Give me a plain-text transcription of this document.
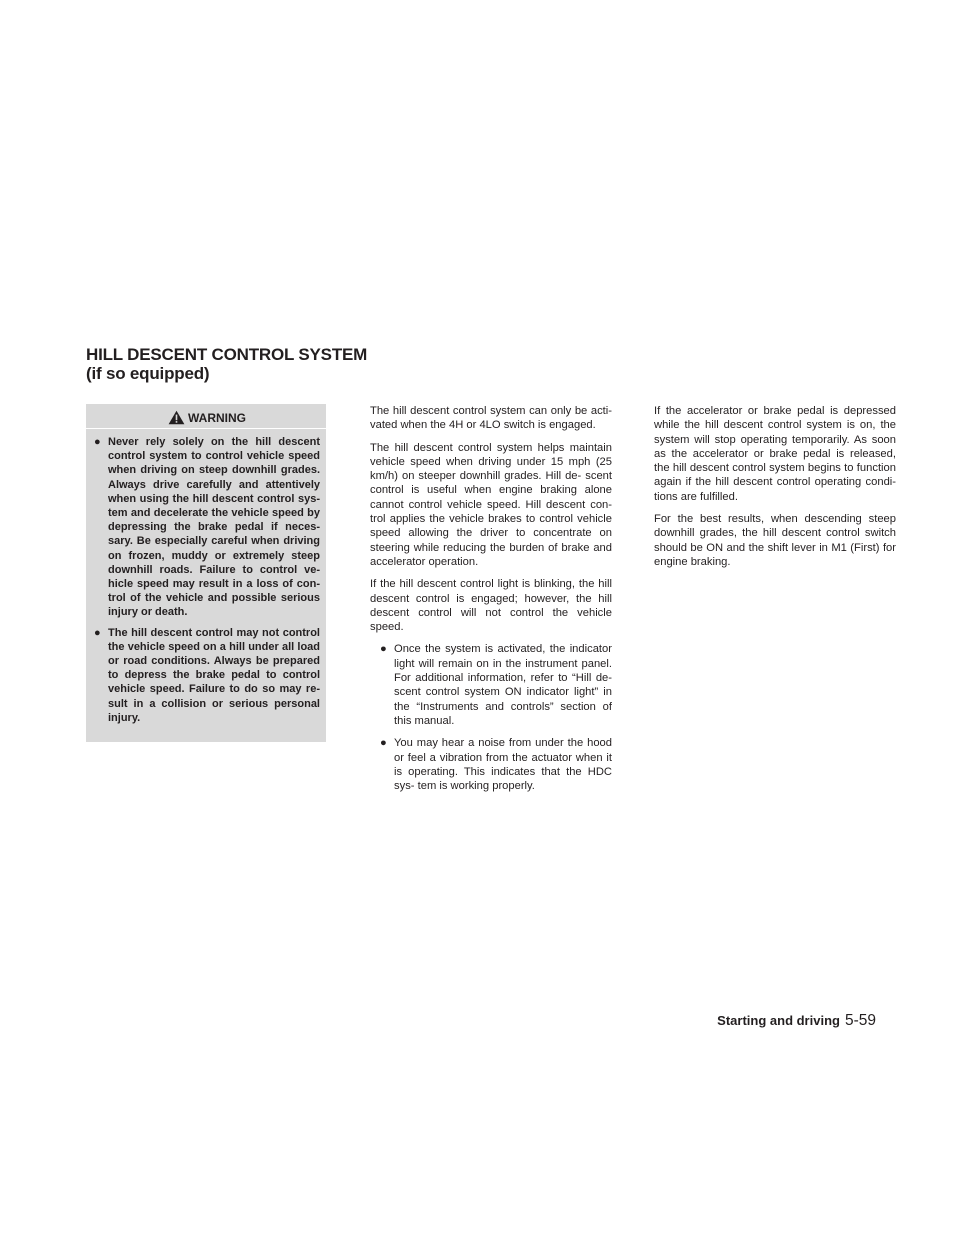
HILL DESCENT CONTROL SYSTEM (if so equipped)
WARNING
● Never rely solely on the hill descent control system to control vehicle speed when driving on steep downhill grades. Always drive carefully and attentively when using the hill descent control sys- tem and decelerate the vehicle speed by depressing the brake pedal if neces- sary. Be especially careful when driving on frozen, muddy or extremely steep downhill roads. Failure to control ve- hicle speed may result in a loss of con- trol of the vehicle and possible serious injury or death.
● The hill descent control may not control the vehicle speed on a hill under all load or road conditions. Always be prepared to depress the brake pedal to control vehicle speed. Failure to do so may re- sult in a collision or serious personal injury.

The hill descent control system can only be acti- vated when the 4H or 4LO switch is engaged.

The hill descent control system helps maintain vehicle speed when driving under 15 mph (25 km/h) on steeper downhill grades. Hill de- scent control is useful when engine braking alone cannot control vehicle speed. Hill descent con- trol applies the vehicle brakes to control vehicle speed allowing the driver to concentrate on steering while reducing the burden of brake and accelerator operation.

If the hill descent control light is blinking, the hill descent control is engaged; however, the hill descent control will not control the vehicle speed.

● Once the system is activated, the indicator light will remain on in the instrument panel. For additional information, refer to “Hill de- scent control system ON indicator light” in the “Instruments and controls” section of this manual.
● You may hear a noise from under the hood or feel a vibration from the actuator when it is operating. This indicates that the HDC sys- tem is working properly.

If the accelerator or brake pedal is depressed while the hill descent control system is on, the system will stop operating temporarily. As soon as the accelerator or brake pedal is released, the hill descent control system begins to function again if the hill descent control operating condi- tions are fulfilled.

For the best results, when descending steep downhill grades, the hill descent control switch should be ON and the shift lever in M1 (First) for engine braking.

Starting and driving 5-59
